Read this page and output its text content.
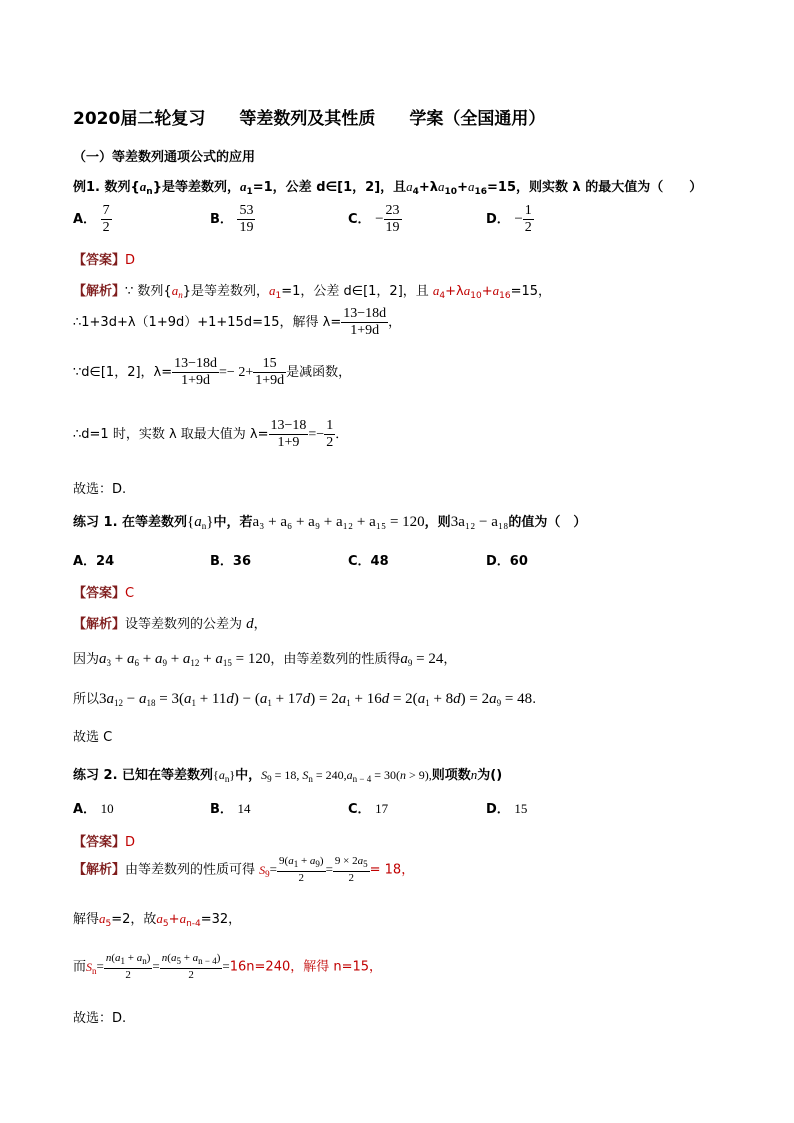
2020届二轮复习　　等差数列及其性质　　学案（全国通用）
（一）等差数列通项公式的应用
例1. 数列$\{a_n\}$是等差数列，$a_1=1$，公差 d∈[1，2]，且$a_4+\lambda a_{10}+a_{16}=15$，则实数 λ 的最大值为（　　）
A． $\frac{7}{2}$	B． $\frac{53}{19}$	C． − $\frac{23}{19}$	D． − $\frac{1}{2}$
【答案】D
【解析】∵ 数列$\{a_n\}$是等差数列，$a_1=1$，公差 d∈[1，2]，且 $a_4+\lambda a_{10}+a_{16}=15$，
∴1+3d+λ（1+9d）+1+15d=15，解得 $\lambda= \frac{13-18d}{1+9d}$ ，
∵d∈[1，2]，$\lambda= \frac{13-18d}{1+9d} =- 2+ \frac{15}{1+9d}$ 是减函数，
∴d=1 时，实数 λ 取最大值为 $\lambda= \frac{13-18}{1+9} =- \frac{1}{2}$ ．
故选：D.
练习 1. 在等差数列$\{a_n\}$中，若a₃ + a₆ + a₉ + a₁₂ + a₁₅ = 120，则3a₁₂ − a₁₈的值为（　）
A．24	B．36	C．48	D．60
【答案】C
【解析】设等差数列的公差为 d，
因为$a_3 + a_6 + a_9 + a_{12} + a_{15} = 120$，由等差数列的性质得$a_9 = 24$，
所以$3a_{12} - a_{18} = 3(a_1 + 11d) - (a_1 + 17d) = 2a_1 + 16d = 2(a_1 + 8d) = 2a_9 = 48$.
故选 C
练习 2. 已知在等差数列$\{a_n\}$中，$S_9 = 18$, $S_n = 240,a_{n - 4} = 30(n > 9)$,则项数n为()
A． 10	B． 14	C． 17	D． 15
【答案】D
【解析】由等差数列的性质可得 $S_9= \frac{9(a_1 + a_9)}{2} = \frac{9 \times 2a_5}{2} = 18$，
解得$a_5=2$，故$a_5+a_{n-4}=32$，
而$S_n= \frac{n(a_1 + a_n)}{2} = \frac{n(a_5 + a_{n - 4})}{2} =16n=240$，解得 n=15，
故选：D.
